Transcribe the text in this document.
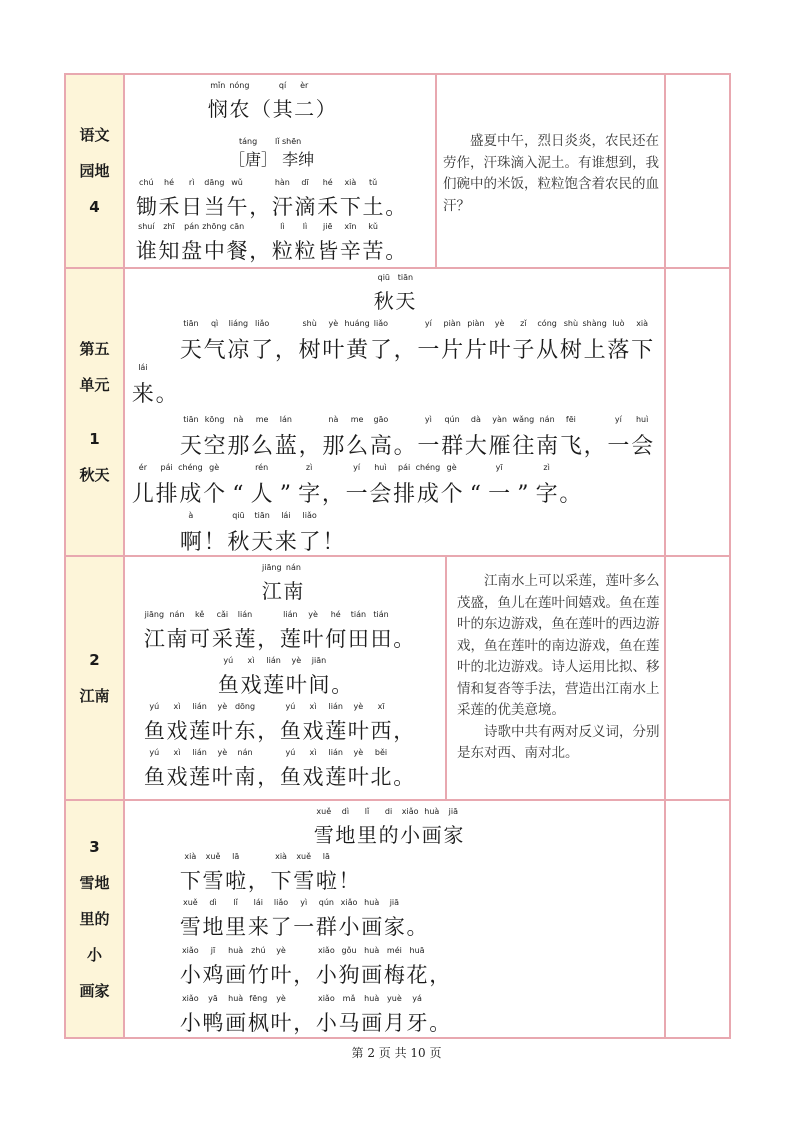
语文
园地
4
悯
mǐn
农
nóng
（其
qí
二
èr
）
táng       lǐ shēn
［唐］ 李绅
锄
chú
禾
hé
日
rì
当
dāng
午
wǔ
，汗
hàn
滴
dī
禾
hé
下
xià
土
tǔ
。
谁
shuí
知
zhī
盘
pán
中
zhōng
餐
cān
，粒
lì
粒
lì
皆
jiē
辛
xīn
苦
kǔ
。

盛夏中午，烈日炎炎，农民还在劳作，汗珠滴入泥土。有谁想到，我们碗中的米饭，粒粒饱含着农民的血汗？

第五
单元
1
秋天
秋
qiū
天
tiān
天
tiān
气
qì
凉
liáng
了
liǎo
，树
shù
叶
yè
黄
huáng
了
liǎo
，一
yí
片
piàn
片
piàn
叶
yè
子
zǐ
从
cóng
树
shù
上
shàng
落
luò
下
xià
来
lái
。
天
tiān
空
kōng
那
nà
么
me
蓝
lán
，那
nà
么
me
高
gāo
。一
yì
群
qún
大
dà
雁
yàn
往
wǎng
南
nán
飞
fēi
，一
yí
会
huì
儿
ér
排
pái
成
chéng
个
gè
“ 人
rén
” 字
zì
，一
yí
会
huì
排
pái
成
chéng
个
gè
“ 一
yī
” 字
zì
。
啊
à
！秋
qiū
天
tiān
来
lái
了
liǎo
！
2
江南
江
jiāng
南
nán
江
jiāng
南
nán
可
kě
采
cǎi
莲
lián
，莲
lián
叶
yè
何
hé
田
tián
田
tián
。
鱼
yú
戏
xì
莲
lián
叶
yè
间
jiān
。
鱼
yú
戏
xì
莲
lián
叶
yè
东
dōng
，鱼
yú
戏
xì
莲
lián
叶
yè
西
xī
，
鱼
yú
戏
xì
莲
lián
叶
yè
南
nán
，鱼
yú
戏
xì
莲
lián
叶
yè
北
běi
。

江南水上可以采莲，莲叶多么茂盛，鱼儿在莲叶间嬉戏。鱼在莲叶的东边游戏，鱼在莲叶的西边游戏，鱼在莲叶的南边游戏，鱼在莲叶的北边游戏。诗人运用比拟、移情和复沓等手法，营造出江南水上采莲的优美意境。

诗歌中共有两对反义词，分别是东对西、南对北。

3
雪地
里的
小
画家
雪
xuě
地
dì
里
lǐ
的
di
小
xiǎo
画
huà
家
jiā
下
xià
雪
xuě
啦
lā
，下
xià
雪
xuě
啦
lā
！
雪
xuě
地
dì
里
lǐ
来
lái
了
liǎo
一
yì
群
qún
小
xiǎo
画
huà
家
jiā
。
小
xiǎo
鸡
jī
画
huà
竹
zhú
叶
yè
，小
xiǎo
狗
gǒu
画
huà
梅
méi
花
huā
，
小
xiǎo
鸭
yā
画
huà
枫
fēng
叶
yè
，小
xiǎo
马
mǎ
画
huà
月
yuè
牙
yá
。
第 2 页 共 10 页
